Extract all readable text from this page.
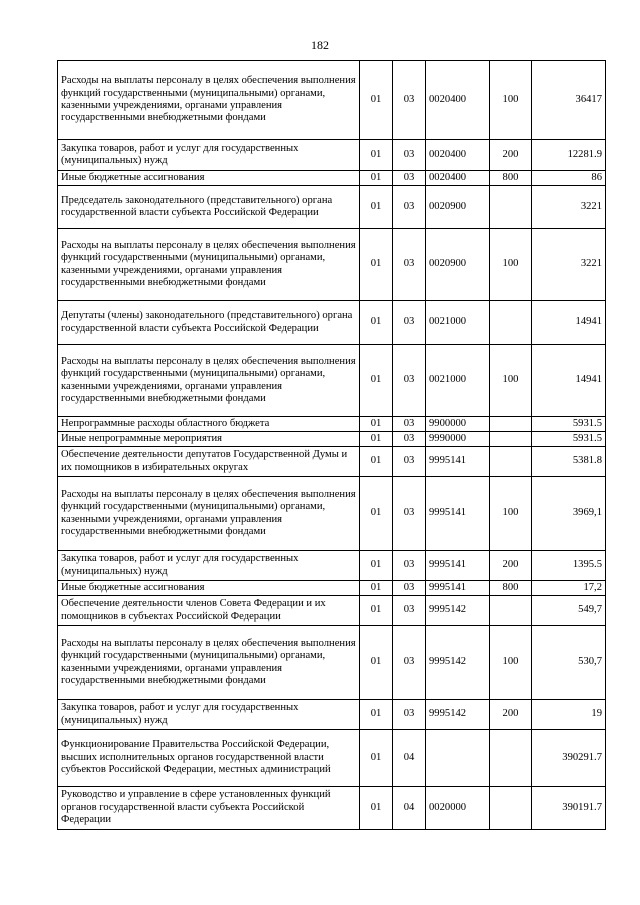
182
Расходы на выплаты персоналу в целях обеспечения выполнения функций государственными (муниципальными) органами, казенными учреждениями, органами управления государственными внебюджетными фондами	01	03	0020400	100	36417
Закупка товаров, работ и услуг для государственных (муниципальных) нужд	01	03	0020400	200	12281.9
Иные бюджетные ассигнования	01	03	0020400	800	86
Председатель законодательного (представительного) органа государственной власти субъекта Российской Федерации	01	03	0020900		3221
Расходы на выплаты персоналу в целях обеспечения выполнения функций государственными (муниципальными) органами, казенными учреждениями, органами управления государственными внебюджетными фондами	01	03	0020900	100	3221
Депутаты (члены) законодательного (представительного) органа государственной власти субъекта Российской Федерации	01	03	0021000		14941
Расходы на выплаты персоналу в целях обеспечения выполнения функций государственными (муниципальными) органами, казенными учреждениями, органами управления государственными внебюджетными фондами	01	03	0021000	100	14941
Непрограммные расходы областного бюджета	01	03	9900000		5931.5
Иные непрограммные мероприятия	01	03	9990000		5931.5
Обеспечение деятельности депутатов Государственной Думы и их помощников в избирательных округах	01	03	9995141		5381.8
Расходы на выплаты персоналу в целях обеспечения выполнения функций государственными (муниципальными) органами, казенными учреждениями, органами управления государственными внебюджетными фондами	01	03	9995141	100	3969,1
Закупка товаров, работ и услуг для государственных (муниципальных) нужд	01	03	9995141	200	1395.5
Иные бюджетные ассигнования	01	03	9995141	800	17,2
Обеспечение деятельности членов Совета Федерации и их помощников в субъектах Российской Федерации	01	03	9995142		549,7
Расходы на выплаты персоналу в целях обеспечения выполнения функций государственными (муниципальными) органами, казенными учреждениями, органами управления государственными внебюджетными фондами	01	03	9995142	100	530,7
Закупка товаров, работ и услуг для государственных (муниципальных) нужд	01	03	9995142	200	19
Функционирование Правительства Российской Федерации, высших исполнительных органов государственной власти субъектов Российской Федерации, местных администраций	01	04			390291.7
Руководство и управление в сфере установленных функций органов государственной власти субъекта Российской Федерации	01	04	0020000		390191.7
